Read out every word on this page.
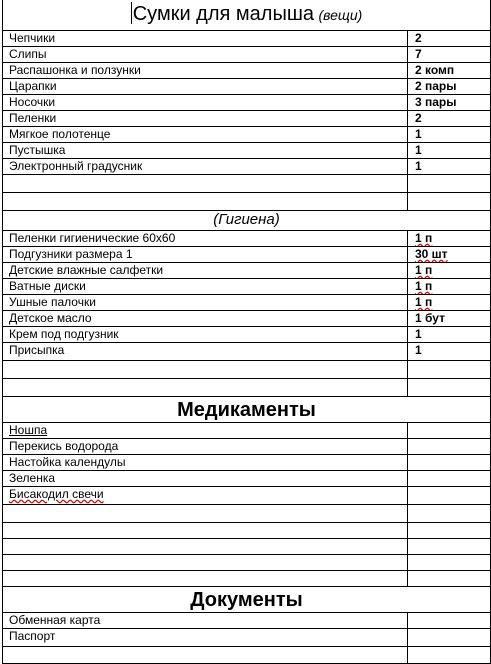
Сумки для малыша (вещи)
Чепчики	2
Слипы	7
Распашонка и ползунки	2 комп
Царапки	2 пары
Носочки	3 пары
Пеленки	2
Мягкое полотенце	1
Пустышка	1
Электронный градусник	1
(Гигиена)
Пеленки гигиенические 60х60	1 п
Подгузники размера 1	30 шт
Детские влажные салфетки	1 п
Ватные диски	1 п
Ушные палочки	1 п
Детское масло	1 бут
Крем под подгузник	1
Присыпка	1
Медикаменты
Ношпа
Перекись водорода
Настойка календулы
Зеленка
Бисакодил свечи
Документы
Обменная карта
Паспорт
